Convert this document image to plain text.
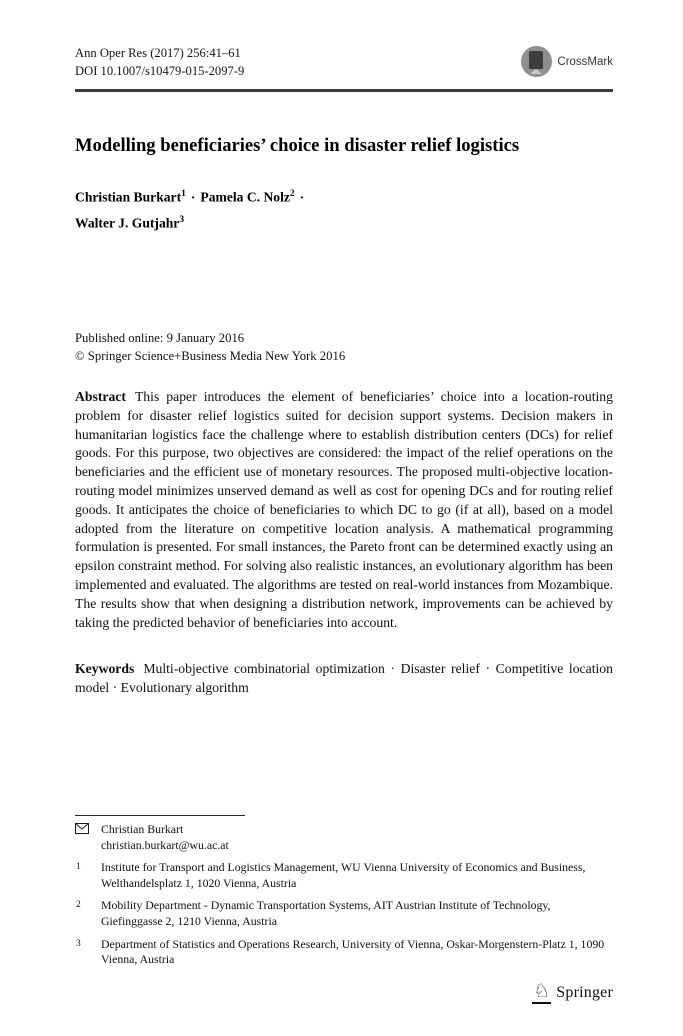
Ann Oper Res (2017) 256:41–61
DOI 10.1007/s10479-015-2097-9
CrossMark
Modelling beneficiaries’ choice in disaster relief logistics
Christian Burkart$^1$ · Pamela C. Nolz$^2$ ·
Walter J. Gutjahr$^3$
Published online: 9 January 2016
© Springer Science+Business Media New York 2016

Abstract This paper introduces the element of beneficiaries’ choice into a location-routing problem for disaster relief logistics suited for decision support systems. Decision makers in humanitarian logistics face the challenge where to establish distribution centers (DCs) for relief goods. For this purpose, two objectives are considered: the impact of the relief operations on the beneficiaries and the efficient use of monetary resources. The proposed multi-objective location-routing model minimizes unserved demand as well as cost for opening DCs and for routing relief goods. It anticipates the choice of beneficiaries to which DC to go (if at all), based on a model adopted from the literature on competitive location analysis. A mathematical programming formulation is presented. For small instances, the Pareto front can be determined exactly using an epsilon constraint method. For solving also realistic instances, an evolutionary algorithm has been implemented and evaluated. The algorithms are tested on real-world instances from Mozambique. The results show that when designing a distribution network, improvements can be achieved by taking the predicted behavior of beneficiaries into account.

Keywords Multi-objective combinatorial optimization · Disaster relief · Competitive location model · Evolutionary algorithm

Christian Burkart
christian.burkart@wu.ac.at
1	Institute for Transport and Logistics Management, WU Vienna University of Economics and Business, Welthandelsplatz 1, 1020 Vienna, Austria
2	Mobility Department - Dynamic Transportation Systems, AIT Austrian Institute of Technology, Giefinggasse 2, 1210 Vienna, Austria
3	Department of Statistics and Operations Research, University of Vienna, Oskar-Morgenstern-Platz 1, 1090 Vienna, Austria
♘ Springer
